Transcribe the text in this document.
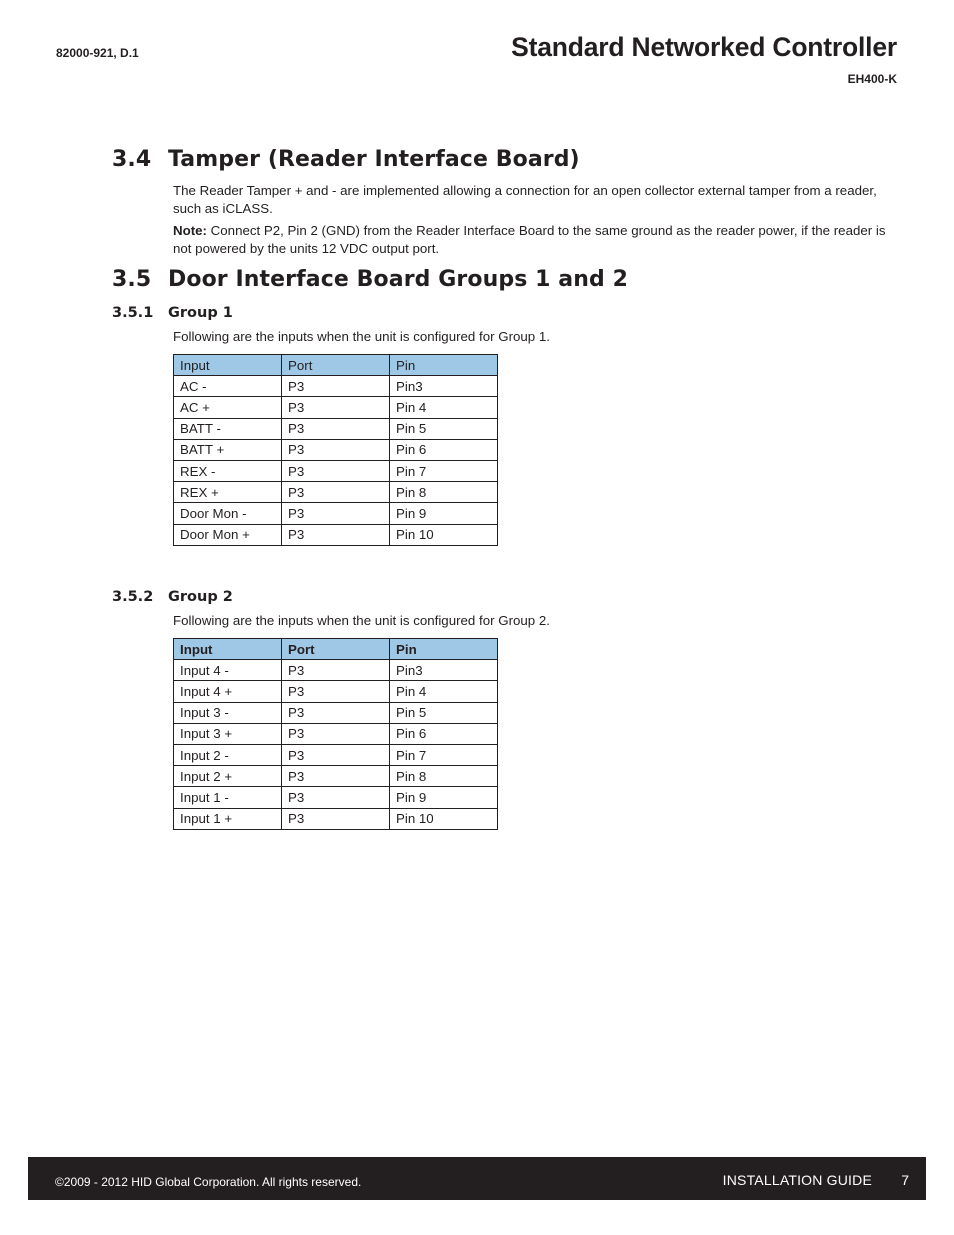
82000-921, D.1	Standard Networked Controller
EH400-K
3.4 Tamper (Reader Interface Board)
The Reader Tamper + and - are implemented allowing a connection for an open collector external tamper from a reader, such as iCLASS.
Note: Connect P2, Pin 2 (GND) from the Reader Interface Board to the same ground as the reader power, if the reader is not powered by the units 12 VDC output port.
3.5 Door Interface Board Groups 1 and 2
3.5.1 Group 1
Following are the inputs when the unit is configured for Group 1.
Input	Port	Pin
AC -	P3	Pin3
AC +	P3	Pin 4
BATT -	P3	Pin 5
BATT +	P3	Pin 6
REX -	P3	Pin 7
REX +	P3	Pin 8
Door Mon -	P3	Pin 9
Door Mon +	P3	Pin 10
3.5.2 Group 2
Following are the inputs when the unit is configured for Group 2.
Input	Port	Pin
Input 4 -	P3	Pin3
Input 4 +	P3	Pin 4
Input 3 -	P3	Pin 5
Input 3 +	P3	Pin 6
Input 2 -	P3	Pin 7
Input 2 +	P3	Pin 8
Input 1 -	P3	Pin 9
Input 1 +	P3	Pin 10
©2009 - 2012 HID Global Corporation. All rights reserved.	INSTALLATION GUIDE 7
